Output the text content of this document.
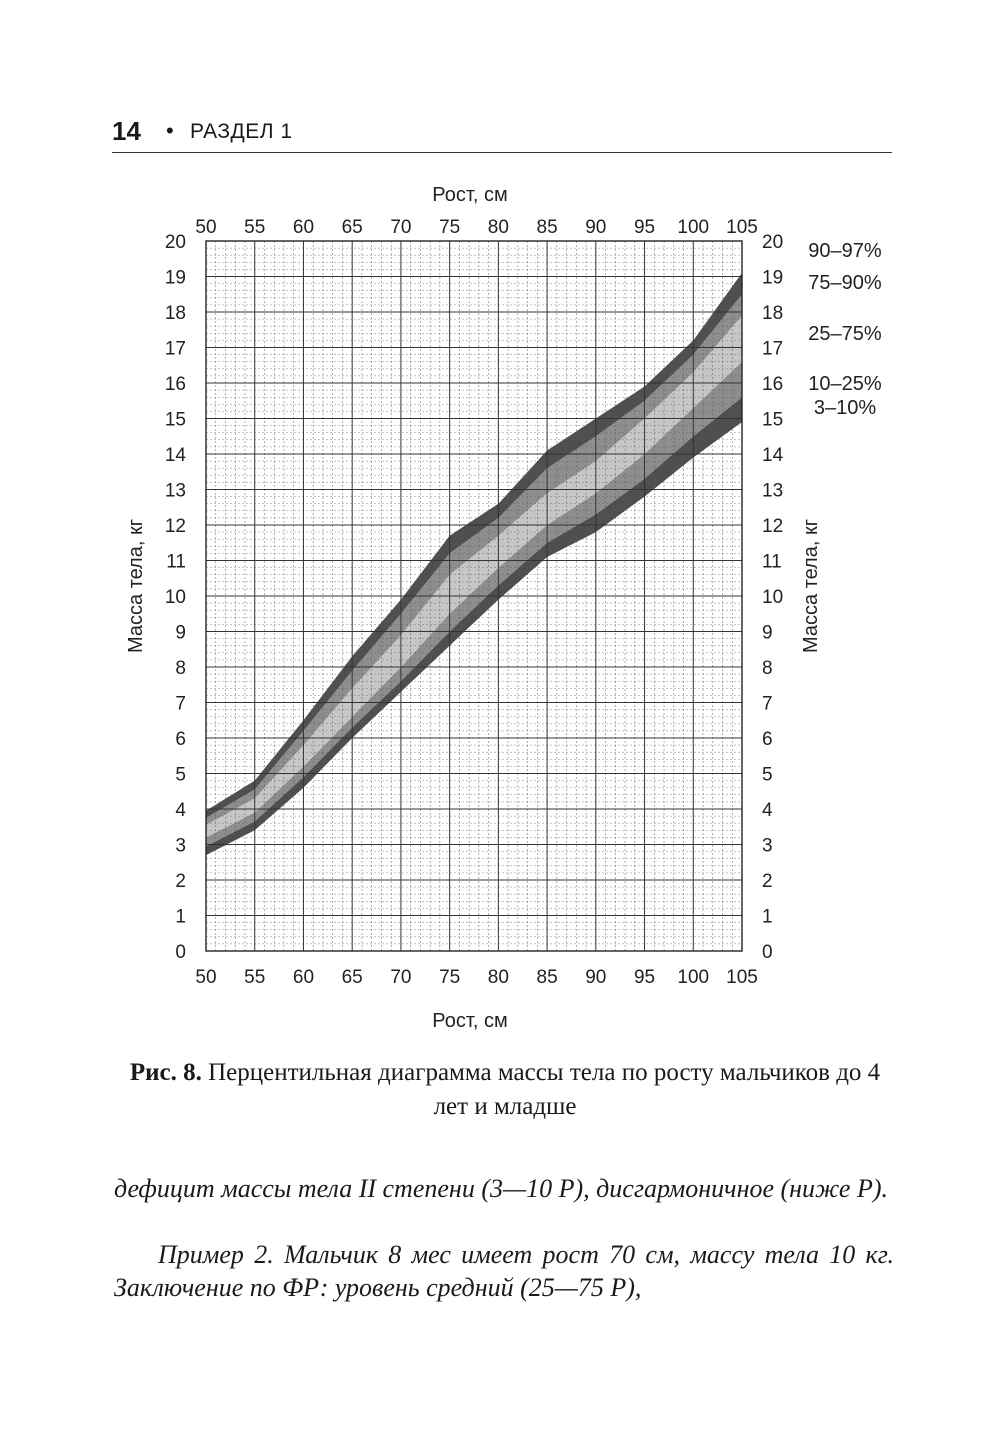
14 • РАЗДЕЛ 1
50
50
55
55
60
60
65
65
70
70
75
75
80
80
85
85
90
90
95
95
100
100
105
105
0	0
1	1
2	2
3	3
4	4
5	5
6	6
7	7
8	8
9	9
10	10
11	11
12	12
13	13
14	14
15	15
16	16
17	17
18	18
19	19
20	20
Рост, см
Рост, см
Масса тела, кг	Масса тела, кг
90–97%
75–90%
25–75%
10–25%
3–10%
Рис. 8. Перцентильная диаграмма массы тела по росту мальчиков до 4 лет и младше
дефицит массы тела II степени (3—10 Р), дисгармоничное (ниже Р).
Пример 2. Мальчик 8 мес имеет рост 70 см, массу тела 10 кг. Заключение по ФР: уровень средний (25—75 Р),
